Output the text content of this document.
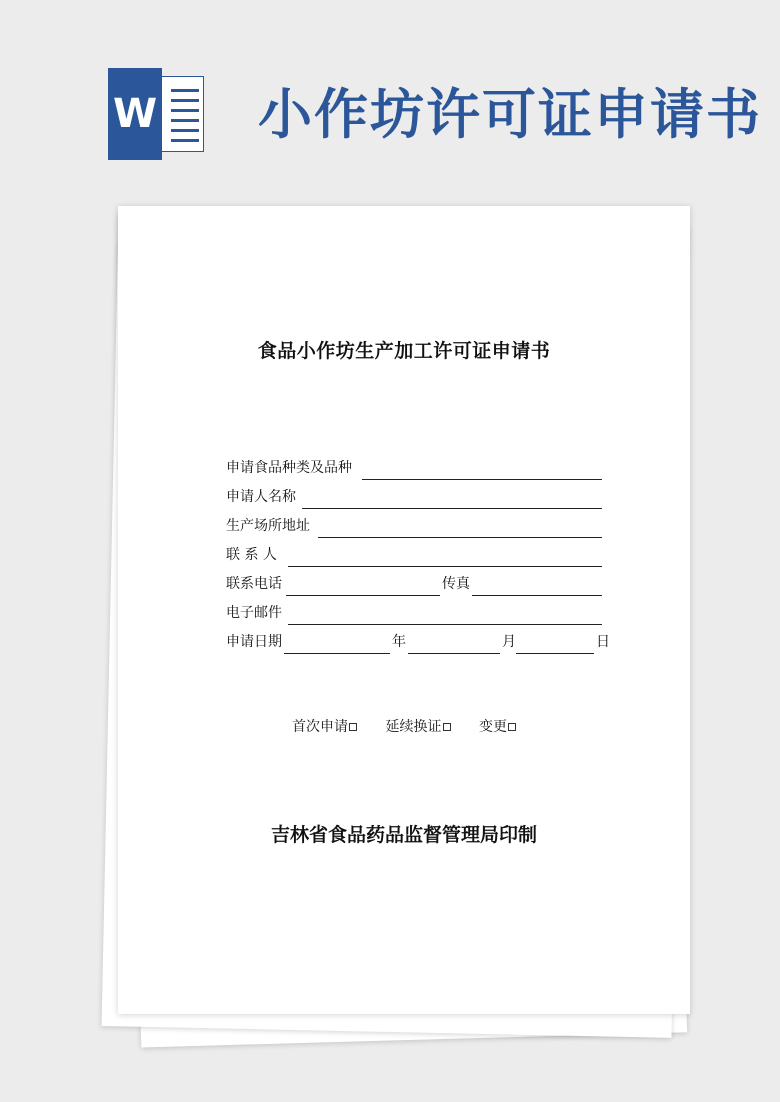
W 小作坊许可证申请书
食品小作坊生产加工许可证申请书
申请食品种类及品种
申请人名称
生产场所地址
联 系 人
联系电话	传真
电子邮件
申请日期	年	月	日
首次申请	延续换证	变更
吉林省食品药品监督管理局印制
